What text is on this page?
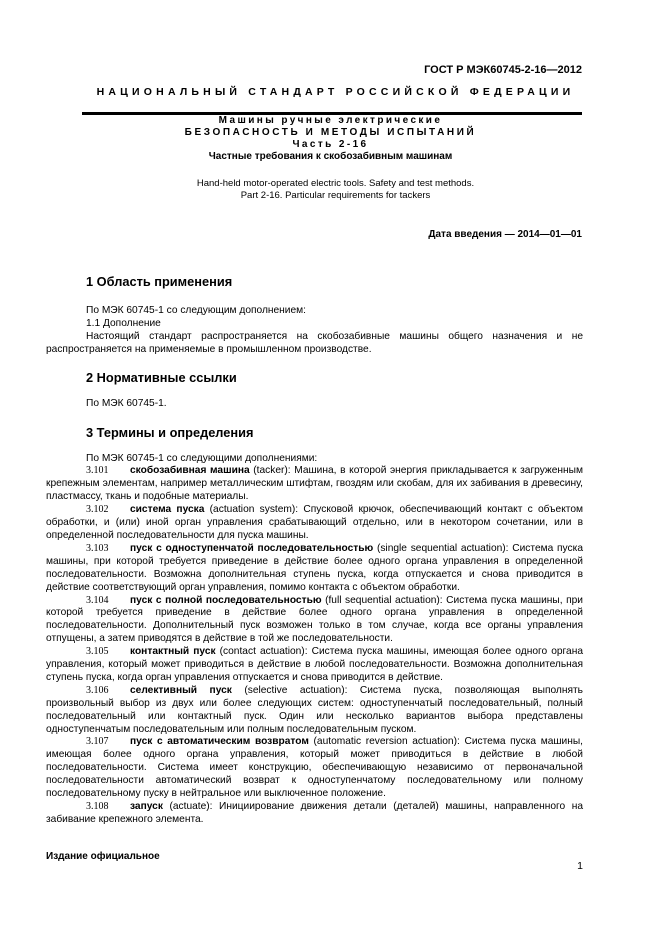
ГОСТ Р МЭК60745-2-16—2012
НАЦИОНАЛЬНЫЙ СТАНДАРТ РОССИЙСКОЙ ФЕДЕРАЦИИ
Машины ручные электрические
БЕЗОПАСНОСТЬ И МЕТОДЫ ИСПЫТАНИЙ
Часть 2-16
Частные требования к скобозабивным машинам
Hand-held motor-operated electric tools. Safety and test methods.
Part 2-16. Particular requirements for tackers
Дата введения — 2014—01—01
1 Область применения

По МЭК 60745-1 со следующим дополнением:

1.1 Дополнение

Настоящий стандарт распространяется на скобозабивные машины общего назначения и не распространяется на применяемые в промышленном производстве.

2 Нормативные ссылки

По МЭК 60745-1.

3 Термины и определения

По МЭК 60745-1 со следующими дополнениями:

3.101 скобозабивная машина (tacker): Машина, в которой энергия прикладывается к загруженным крепежным элементам, например металлическим штифтам, гвоздям или скобам, для их забивания в древесину, пластмассу, ткань и подобные материалы.

3.102 система пуска (actuation system): Спусковой крючок, обеспечивающий контакт с объектом обработки, и (или) иной орган управления срабатывающий отдельно, или в некотором сочетании, или в определенной последовательности для пуска машины.

3.103 пуск с одноступенчатой последовательностью (single sequential actuation): Система пуска машины, при которой требуется приведение в действие более одного органа управления в определенной последовательности. Возможна дополнительная ступень пуска, когда отпускается и снова приводится в действие соответствующий орган управления, помимо контакта с объектом обработки.

3.104 пуск с полной последовательностью (full sequential actuation): Система пуска машины, при которой требуется приведение в действие более одного органа управления в определенной последовательности. Дополнительный пуск возможен только в том случае, когда все органы управления отпущены, а затем приводятся в действие в той же последовательности.

3.105 контактный пуск (contact actuation): Система пуска машины, имеющая более одного органа управления, который может приводиться в действие в любой последовательности. Возможна дополнительная ступень пуска, когда орган управления отпускается и снова приводится в действие.

3.106 селективный пуск (selective actuation): Система пуска, позволяющая выполнять произвольный выбор из двух или более следующих систем: одноступенчатый последовательный, полный последовательный или контактный пуск. Один или несколько вариантов выбора представлены одноступенчатым последовательным или полным последовательным пуском.

3.107 пуск с автоматическим возвратом (automatic reversion actuation): Система пуска машины, имеющая более одного органа управления, который может приводиться в действие в любой последовательности. Система имеет конструкцию, обеспечивающую независимо от первоначальной последовательности автоматический возврат к одноступенчатому последовательному или полному последовательному пуску в нейтральное или выключенное положение.

3.108 запуск (actuate): Инициирование движения детали (деталей) машины, направленного на забивание крепежного элемента.

Издание официальное
1
